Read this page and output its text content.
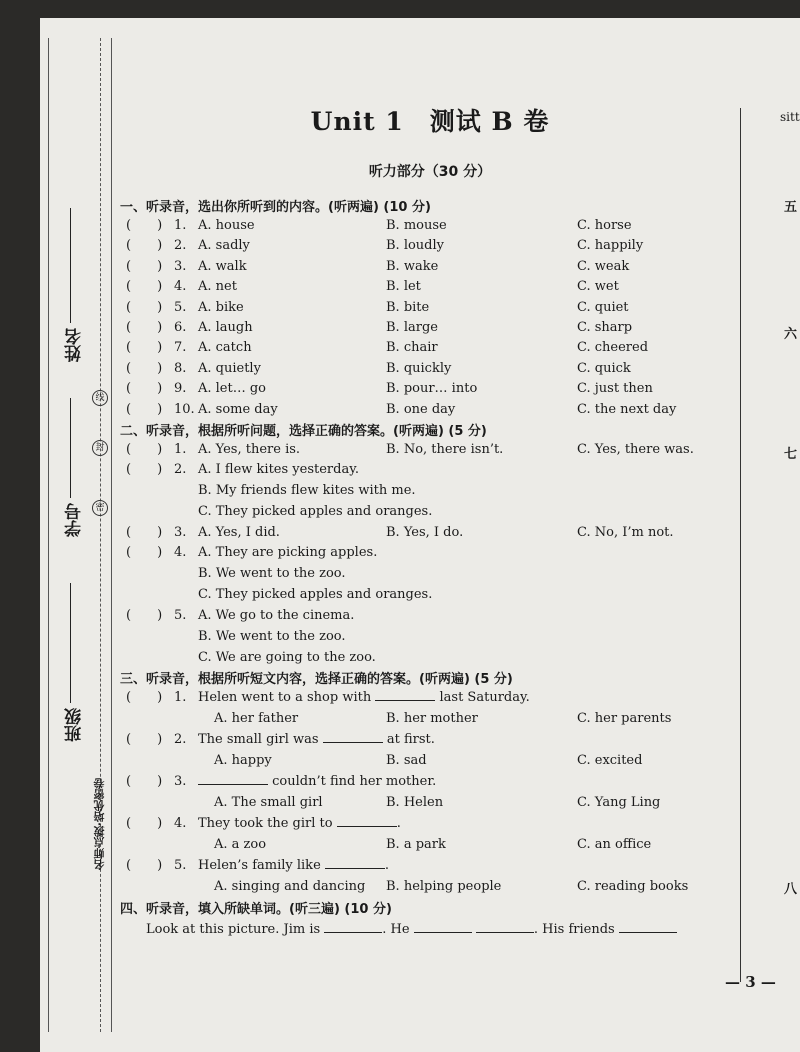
姓名
学号
班级
线
封
密
名师点拨·培优密卷
Unit 1　测试 B 卷
听力部分（30 分）
一、听录音，选出你所听到的内容。(听两遍) (10 分)
(　　) 1. A. house	B. mouse	C. horse
(　　) 2. A. sadly	B. loudly	C. happily
(　　) 3. A. walk	B. wake	C. weak
(　　) 4. A. net	B. let	C. wet
(　　) 5. A. bike	B. bite	C. quiet
(　　) 6. A. laugh	B. large	C. sharp
(　　) 7. A. catch	B. chair	C. cheered
(　　) 8. A. quietly	B. quickly	C. quick
(　　) 9. A. let… go	B. pour… into	C. just then
(　　) 10. A. some day	B. one day	C. the next day
二、听录音，根据所听问题，选择正确的答案。(听两遍) (5 分)
(　　) 1. A. Yes, there is.	B. No, there isn’t.	C. Yes, there was.
(　　) 2. A. I flew kites yesterday.
B. My friends flew kites with me.
C. They picked apples and oranges.
(　　) 3. A. Yes, I did.	B. Yes, I do.	C. No, I’m not.
(　　) 4. A. They are picking apples.
B. We went to the zoo.
C. They picked apples and oranges.
(　　) 5. A. We go to the cinema.
B. We went to the zoo.
C. We are going to the zoo.
三、听录音，根据所听短文内容，选择正确的答案。(听两遍) (5 分)
(　　) 1. Helen went to a shop with	last Saturday.
A. her father	B. her mother	C. her parents
(　　) 2. The small girl was	at first.
A. happy	B. sad	C. excited
(　　) 3.	couldn’t find her mother.
A. The small girl	B. Helen	C. Yang Ling
(　　) 4. They took the girl to	.
A. a zoo	B. a park	C. an office
(　　) 5. Helen’s family like	.
A. singing and dancing B. helping people	C. reading books
四、听录音，填入所缺单词。(听三遍) (10 分)
Look at this picture. Jim is	. He	. His friends
sitt
五
六
七
八
— 3 —
